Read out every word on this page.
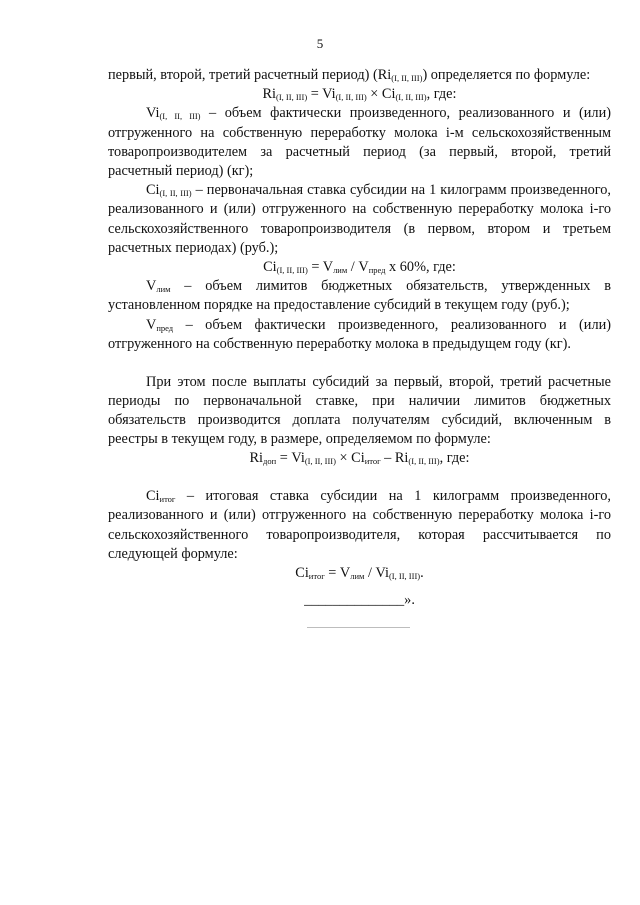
5

первый, второй, третий расчетный период) $(Ri_{(I, II, III)})$ определяется по формуле:

$Ri_{(I, II, III)} = Vi_{(I, II, III)} \times Ci_{(I, II, III)}$, где:

$Vi_{(I, II, III)}$ – объем фактически произведенного, реализованного и (или) отгруженного на собственную переработку молока i-м сельскохозяйственным товаропроизводителем за расчетный период (за первый, второй, третий расчетный период) (кг);

$Ci_{(I, II, III)}$ – первоначальная ставка субсидии на 1 килограмм произведенного, реализованного и (или) отгруженного на собственную переработку молока i-го сельскохозяйственного товаропроизводителя (в первом, втором и третьем расчетных периодах) (руб.);

$Ci_{(I, II, III)} = V_{лим} / V_{пред}$ x 60%, где:

$V_{лим}$ – объем лимитов бюджетных обязательств, утвержденных в установленном порядке на предоставление субсидий в текущем году (руб.);

$V_{пред}$ – объем фактически произведенного, реализованного и (или) отгруженного на собственную переработку молока в предыдущем году (кг).

При этом после выплаты субсидий за первый, второй, третий расчетные периоды по первоначальной ставке, при наличии лимитов бюджетных обязательств производится доплата получателям субсидий, включенным в реестры в текущем году, в размере, определяемом по формуле:

$Ri_{доп} = Vi_{(I, II, III)} \times Ci_{итог} - Ri_{(I, II, III)}$, где:

$Ci_{итог}$ – итоговая ставка субсидии на 1 килограмм произведенного, реализованного и (или) отгруженного на собственную переработку молока i-го сельскохозяйственного товаропроизводителя, которая рассчитывается по следующей формуле:

$Ci_{итог} = V_{лим} / Vi_{(I, II, III)}$.

______________».
